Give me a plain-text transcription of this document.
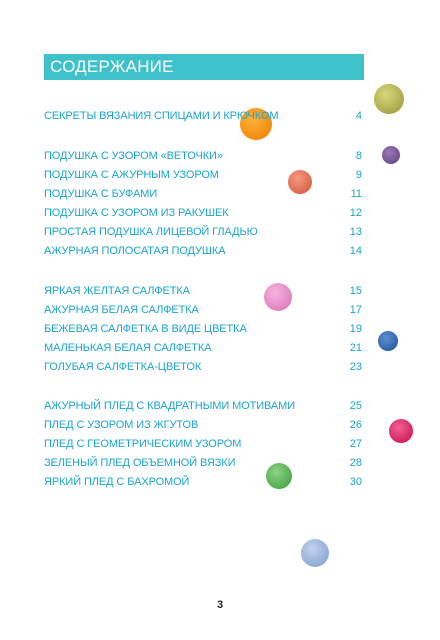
СОДЕРЖАНИЕ
СЕКРЕТЫ ВЯЗАНИЯ СПИЦАМИ И КРЮЧКОМ	4
ПОДУШКА С УЗОРОМ «ВЕТОЧКИ»	8
ПОДУШКА С АЖУРНЫМ УЗОРОМ	9
ПОДУШКА С БУФАМИ	11
ПОДУШКА С УЗОРОМ ИЗ РАКУШЕК	12
ПРОСТАЯ ПОДУШКА ЛИЦЕВОЙ ГЛАДЬЮ	13
АЖУРНАЯ ПОЛОСАТАЯ ПОДУШКА	14
ЯРКАЯ ЖЕЛТАЯ САЛФЕТКА	15
АЖУРНАЯ БЕЛАЯ САЛФЕТКА	17
БЕЖЕВАЯ САЛФЕТКА В ВИДЕ ЦВЕТКА	19
МАЛЕНЬКАЯ БЕЛАЯ САЛФЕТКА	21
ГОЛУБАЯ САЛФЕТКА-ЦВЕТОК	23
АЖУРНЫЙ ПЛЕД С КВАДРАТНЫМИ МОТИВАМИ	25
ПЛЕД С УЗОРОМ ИЗ ЖГУТОВ	26
ПЛЕД С ГЕОМЕТРИЧЕСКИМ УЗОРОМ	27
ЗЕЛЕНЫЙ ПЛЕД ОБЪЕМНОЙ ВЯЗКИ	28
ЯРКИЙ ПЛЕД С БАХРОМОЙ	30
3
